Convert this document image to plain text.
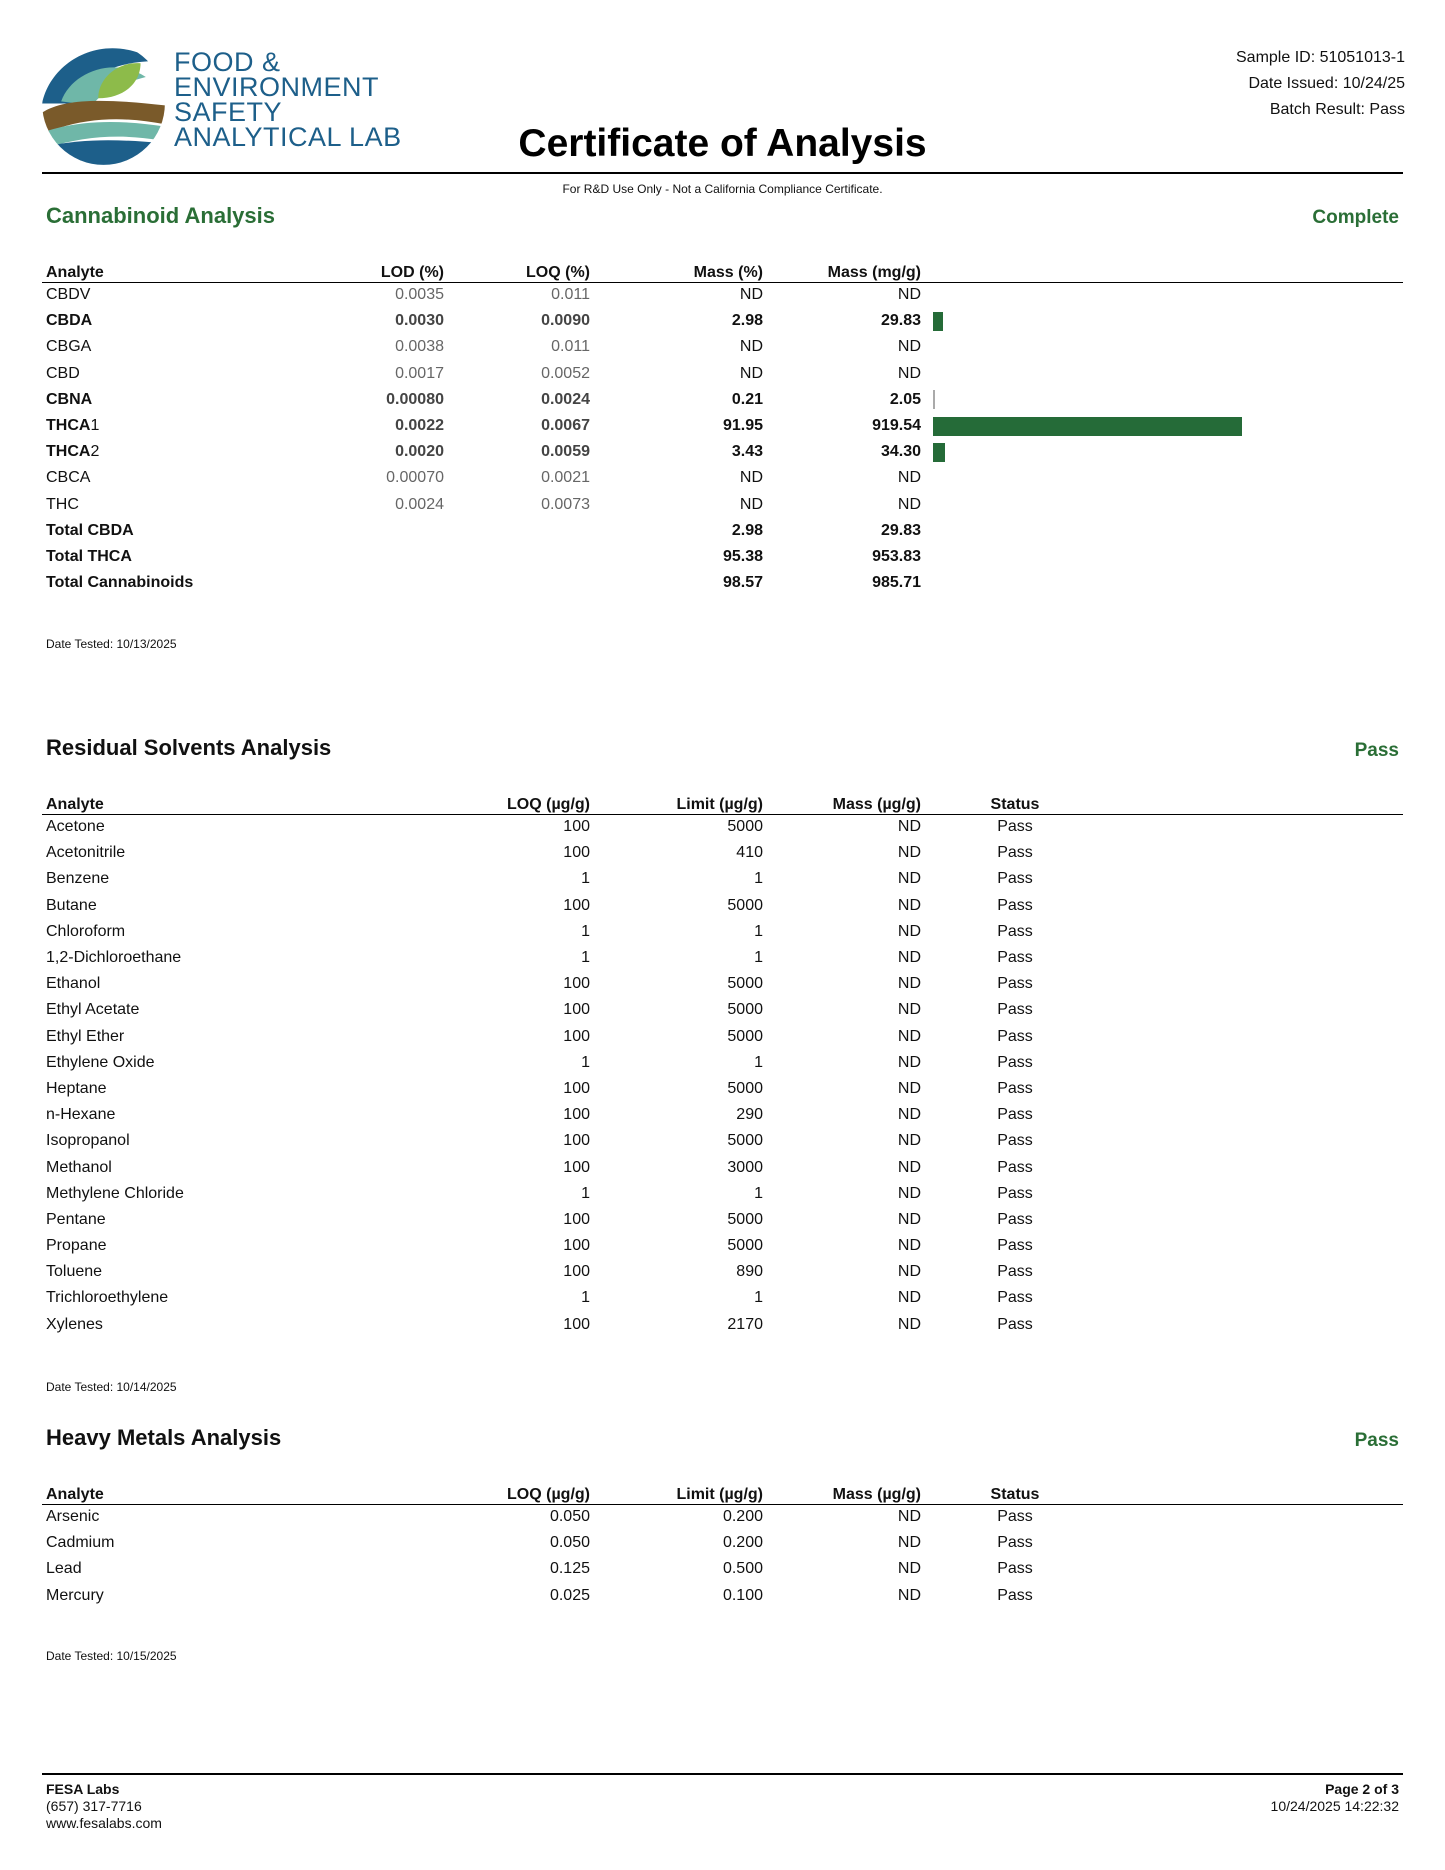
FOOD &
ENVIRONMENT
SAFETY
ANALYTICAL LAB
Sample ID: 51051013-1
Date Issued: 10/24/25
Batch Result: Pass
Certificate of Analysis
For R&D Use Only - Not a California Compliance Certificate.
Cannabinoid Analysis	Complete
Analyte	LOD (%)	LOQ (%)	Mass (%)	Mass (mg/g)	
CBDV	0.0035	0.011	ND	ND	
CBDA	0.0030	0.0090	2.98	29.83	
CBGA	0.0038	0.011	ND	ND	
CBD	0.0017	0.0052	ND	ND	
CBNA	0.00080	0.0024	0.21	2.05	
THCA1	0.0022	0.0067	91.95	919.54	
THCA2	0.0020	0.0059	3.43	34.30	
CBCA	0.00070	0.0021	ND	ND	
THC	0.0024	0.0073	ND	ND	
Total CBDA			2.98	29.83	
Total THCA			95.38	953.83	
Total Cannabinoids			98.57	985.71	
Date Tested: 10/13/2025
Residual Solvents Analysis	Pass
Analyte	LOQ (µg/g)	Limit (µg/g)	Mass (µg/g)	Status	
Acetone	100	5000	ND	Pass	
Acetonitrile	100	410	ND	Pass	
Benzene	1	1	ND	Pass	
Butane	100	5000	ND	Pass	
Chloroform	1	1	ND	Pass	
1,2-Dichloroethane	1	1	ND	Pass	
Ethanol	100	5000	ND	Pass	
Ethyl Acetate	100	5000	ND	Pass	
Ethyl Ether	100	5000	ND	Pass	
Ethylene Oxide	1	1	ND	Pass	
Heptane	100	5000	ND	Pass	
n-Hexane	100	290	ND	Pass	
Isopropanol	100	5000	ND	Pass	
Methanol	100	3000	ND	Pass	
Methylene Chloride	1	1	ND	Pass	
Pentane	100	5000	ND	Pass	
Propane	100	5000	ND	Pass	
Toluene	100	890	ND	Pass	
Trichloroethylene	1	1	ND	Pass	
Xylenes	100	2170	ND	Pass	
Date Tested: 10/14/2025
Heavy Metals Analysis	Pass
Analyte	LOQ (µg/g)	Limit (µg/g)	Mass (µg/g)	Status	
Arsenic	0.050	0.200	ND	Pass	
Cadmium	0.050	0.200	ND	Pass	
Lead	0.125	0.500	ND	Pass	
Mercury	0.025	0.100	ND	Pass	
Date Tested: 10/15/2025
FESA Labs
(657) 317-7716
www.fesalabs.com
Page 2 of 3
10/24/2025 14:22:32
